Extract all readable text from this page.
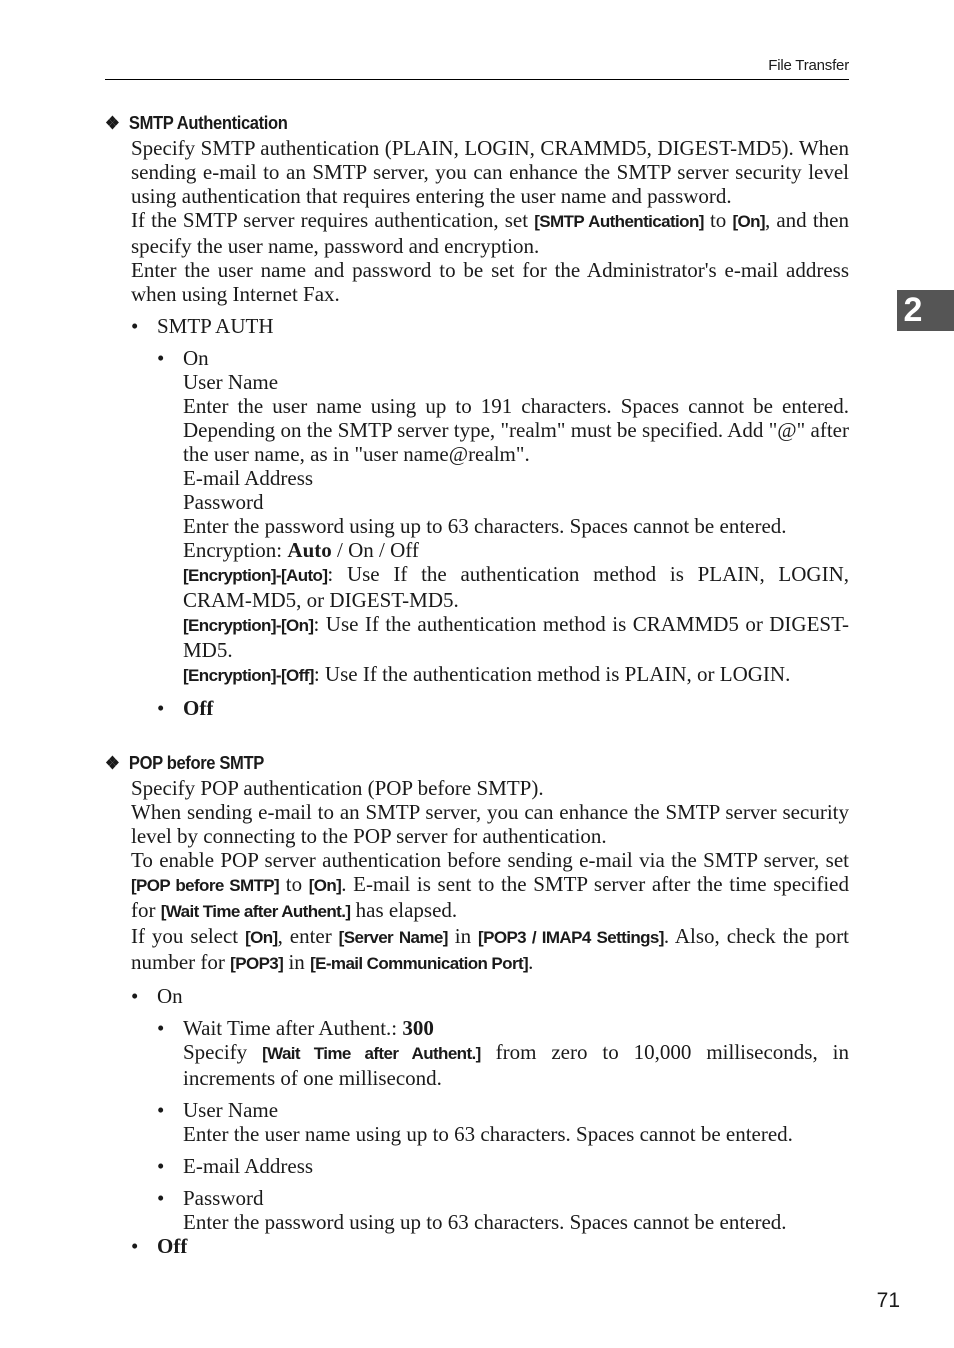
File Transfer
2
❖ SMTP Authentication
Specify SMTP authentication (PLAIN, LOGIN, CRAMMD5, DIGEST-MD5). When sending e-mail to an SMTP server, you can enhance the SMTP server security level using authentication that requires entering the user name and password.
If the SMTP server requires authentication, set [SMTP Authentication] to [On], and then specify the user name, password and encryption.
Enter the user name and password to be set for the Administrator's e-mail address when using Internet Fax.
• SMTP AUTH
• On
User Name
Enter the user name using up to 191 characters. Spaces cannot be entered. Depending on the SMTP server type, "realm" must be specified. Add "@" after the user name, as in "user name@realm".
E-mail Address
Password
Enter the password using up to 63 characters. Spaces cannot be entered.
Encryption: Auto / On / Off
[Encryption]-[Auto]: Use If the authentication method is PLAIN, LOGIN, CRAM-MD5, or DIGEST-MD5.
[Encryption]-[On]: Use If the authentication method is CRAMMD5 or DIGEST-MD5.
[Encryption]-[Off]: Use If the authentication method is PLAIN, or LOGIN.
• Off
❖ POP before SMTP
Specify POP authentication (POP before SMTP).
When sending e-mail to an SMTP server, you can enhance the SMTP server security level by connecting to the POP server for authentication.
To enable POP server authentication before sending e-mail via the SMTP server, set [POP before SMTP] to [On]. E-mail is sent to the SMTP server after the time specified for [Wait Time after Authent.] has elapsed.
If you select [On], enter [Server Name] in [POP3 / IMAP4 Settings]. Also, check the port number for [POP3] in [E-mail Communication Port].
• On
• Wait Time after Authent.: 300
Specify [Wait Time after Authent.] from zero to 10,000 milliseconds, in increments of one millisecond.
• User Name
Enter the user name using up to 63 characters. Spaces cannot be entered.
• E-mail Address
• Password
Enter the password using up to 63 characters. Spaces cannot be entered.
• Off
71
